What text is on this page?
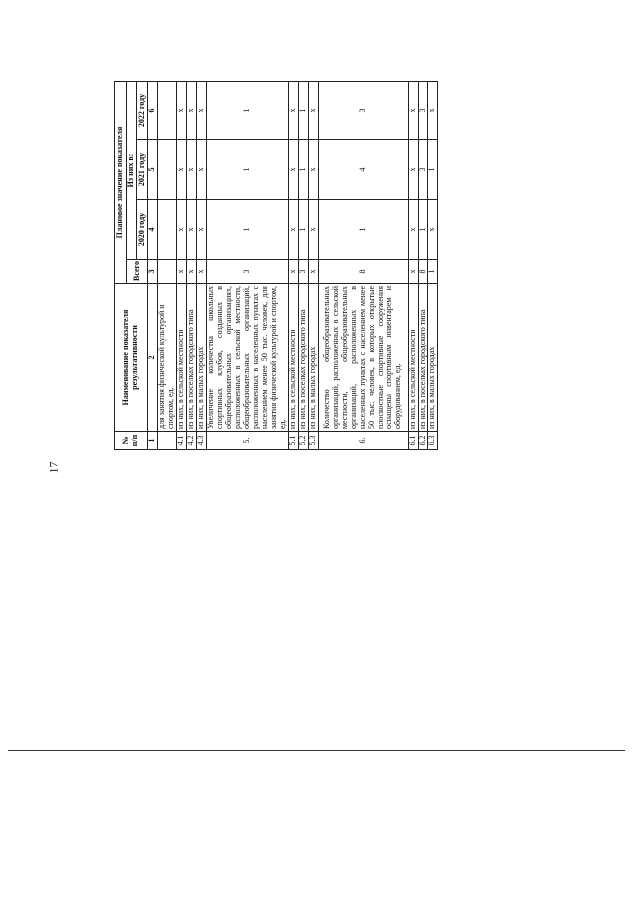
17
№ п/п	Наименование показателя результативности	Плановое значение показателя			
		Всего	Из них в:		
			2020 году	2021 году	2022 году
1	2	3	4	5	6
	для занятия физической культурой и спортом, ед.				
4.1	из них, в сельской местности	x	x	x	x
4.2	из них, в поселках городского типа	x	x	x	x
4.3	из них, в малых городах	x	x	x	x
5.	Увеличение количества школьных спортивных клубов, созданных в общеобразовательных организациях, расположенных в сельской местности, общеобразовательных организаций, расположенных в населенных пунктах с населением менее 50 тыс. человек, для занятия физической культурой и спортом, ед.	3	1	1	1
5.1	из них, в сельской местности	x	x	x	x
5.2	из них, в поселках городского типа	3	1	1	1
5.3	из них, в малых городах	x	x	x	x
6.	Количество общеобразовательных организаций, расположенных в сельской местности, общеобразовательных организаций, расположенных в населенных пунктах с населением менее 50 тыс. человек, в которых открытые плоскостные спортивные сооружения оснащены спортивным инвентарем и оборудованием, ед.	8	1	4	3
6.1	из них, в сельской местности	x	x	x	x
6.2	из них, в поселках городского типа	8	1	3	3
6.3	из них, в малых городах	1	x	1	x
